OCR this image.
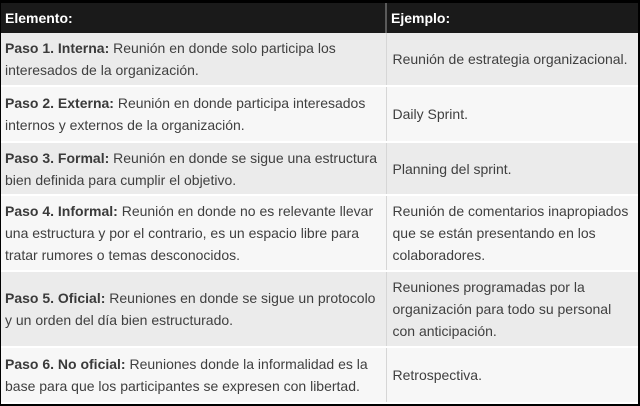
Elemento:	Ejemplo:
Paso 1. Interna: Reunión en donde solo participa los interesados de la organización.	Reunión de estrategia organizacional.
Paso 2. Externa: Reunión en donde participa interesados internos y externos de la organización.	Daily Sprint.
Paso 3. Formal: Reunión en donde se sigue una estructura bien definida para cumplir el objetivo.	Planning del sprint.
Paso 4. Informal: Reunión en donde no es relevante llevar una estructura y por el contrario, es un espacio libre para tratar rumores o temas desconocidos.	Reunión de comentarios inapropiados que se están presentando en los colaboradores.
Paso 5. Oficial: Reuniones en donde se sigue un protocolo y un orden del día bien estructurado.	Reuniones programadas por la organización para todo su personal con anticipación.
Paso 6. No oficial: Reuniones donde la informalidad es la base para que los participantes se expresen con libertad.	Retrospectiva.
